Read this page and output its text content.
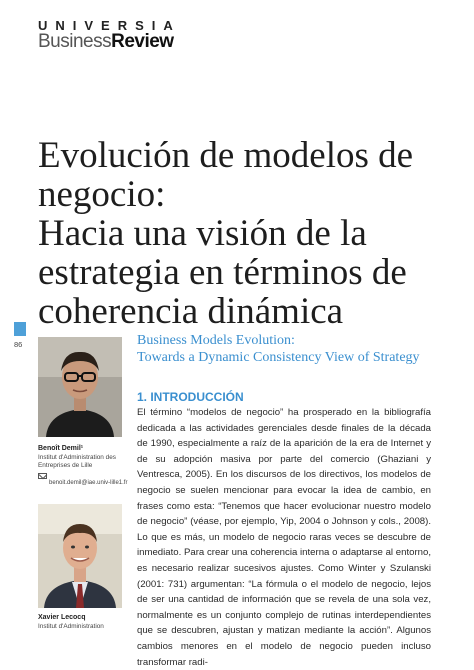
UNIVERSIA
BusinessReview
Evolución de modelos de
negocio:
Hacia una visión de la
estrategia en términos de
coherencia dinámica
86	Business Models Evolution:
Towards a Dynamic Consistency View of Strategy
Benoît Demil¹
Institut d'Administration des Entreprises de Lille
benoit.demil@iae.univ-lille1.fr
Xavier Lecocq
Institut d'Administration
1. INTRODUCCIÓN

El término “modelos de negocio” ha prosperado en la bibliografía dedicada a las actividades gerenciales desde finales de la década de 1990, especialmente a raíz de la aparición de la era de Internet y de su adopción masiva por parte del comercio (Ghaziani y Ventresca, 2005). En los discursos de los directivos, los modelos de negocio se suelen mencionar para evocar la idea de cambio, en frases como esta: “Tenemos que hacer evolucionar nuestro modelo de negocio” (véase, por ejemplo, Yip, 2004 o Johnson y cols., 2008). Lo que es más, un modelo de negocio raras veces se descubre de inmediato. Para crear una coherencia interna o adaptarse al entorno, es necesario realizar sucesivos ajustes. Como Winter y Szulanski (2001: 731) argumentan: “La fórmula o el modelo de negocio, lejos de ser una cantidad de información que se revela de una sola vez, normalmente es un conjunto complejo de rutinas interdependientes que se descubren, ajustan y matizan mediante la acción”. Algunos cambios menores en el modelo de negocio pueden incluso transformar radi-
